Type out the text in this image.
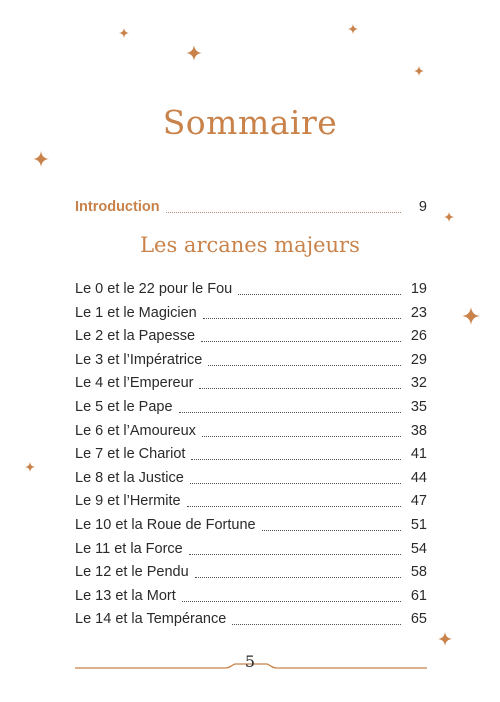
Sommaire
Introduction	9
Les arcanes majeurs
Le 0 et le 22 pour le Fou	19
Le 1 et le Magicien	23
Le 2 et la Papesse	26
Le 3 et l’Impératrice	29
Le 4 et l’Empereur	32
Le 5 et le Pape	35
Le 6 et l’Amoureux	38
Le 7 et le Chariot	41
Le 8 et la Justice	44
Le 9 et l’Hermite	47
Le 10 et la Roue de Fortune	51
Le 11 et la Force	54
Le 12 et le Pendu	58
Le 13 et la Mort	61
Le 14 et la Tempérance	65
5
